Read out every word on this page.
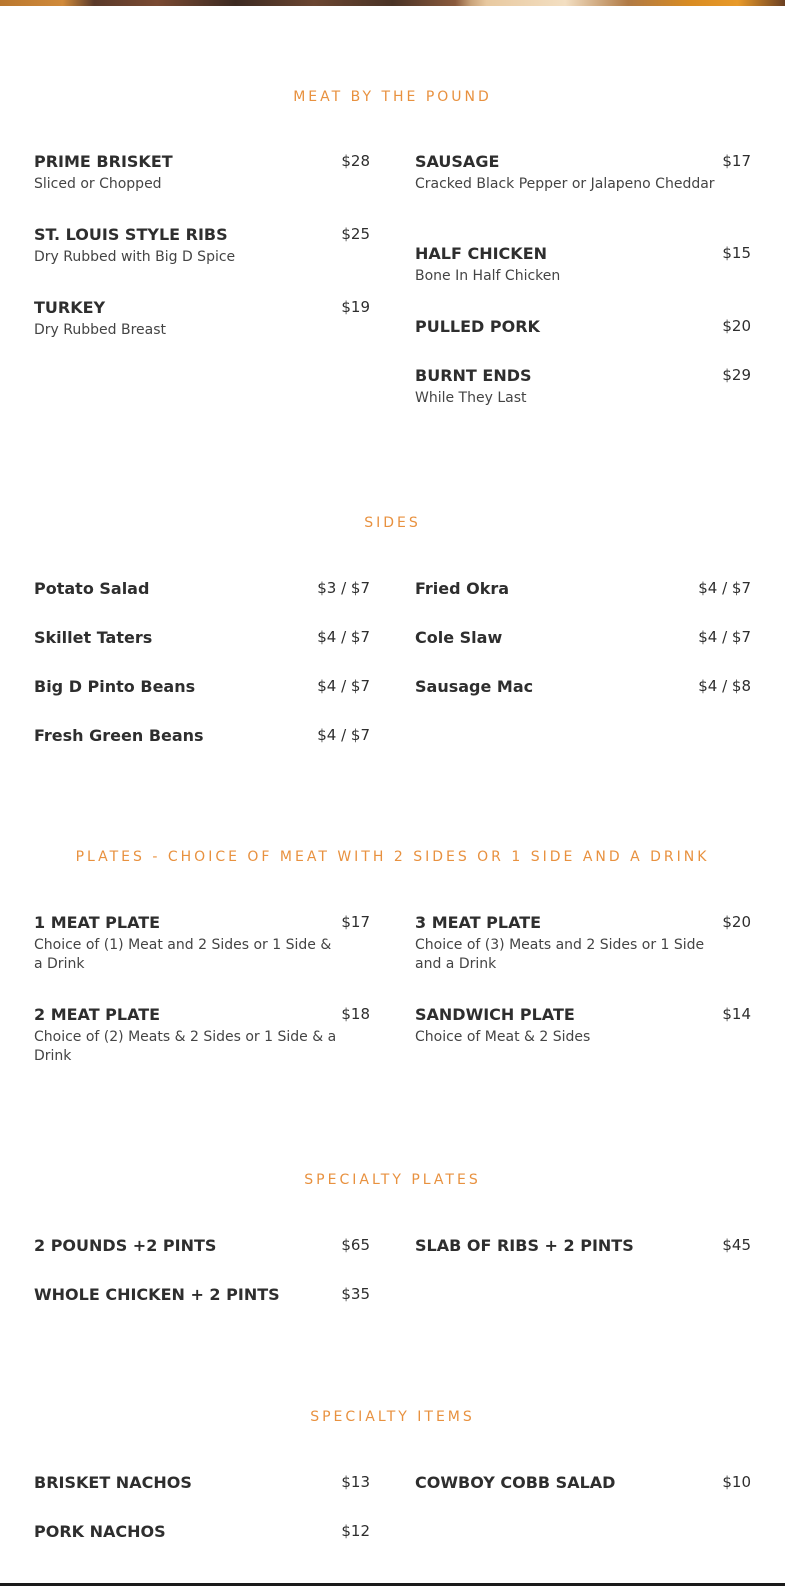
MEAT BY THE POUND
PRIME BRISKET	$28
Sliced or Chopped
ST. LOUIS STYLE RIBS	$25
Dry Rubbed with Big D Spice
TURKEY	$19
Dry Rubbed Breast
SAUSAGE	$17
Cracked Black Pepper or Jalapeno Cheddar
HALF CHICKEN	$15
Bone In Half Chicken
PULLED PORK	$20
BURNT ENDS	$29
While They Last
SIDES
Potato Salad	$3 / $7
Skillet Taters	$4 / $7
Big D Pinto Beans	$4 / $7
Fresh Green Beans	$4 / $7
Fried Okra	$4 / $7
Cole Slaw	$4 / $7
Sausage Mac	$4 / $8
PLATES - CHOICE OF MEAT WITH 2 SIDES OR 1 SIDE AND A DRINK
1 MEAT PLATE	$17
Choice of (1) Meat and 2 Sides or 1 Side & a Drink
2 MEAT PLATE	$18
Choice of (2) Meats & 2 Sides or 1 Side & a Drink
3 MEAT PLATE	$20
Choice of (3) Meats and 2 Sides or 1 Side and a Drink
SANDWICH PLATE	$14
Choice of Meat & 2 Sides
SPECIALTY PLATES
2 POUNDS +2 PINTS	$65
WHOLE CHICKEN + 2 PINTS	$35
SLAB OF RIBS + 2 PINTS	$45
SPECIALTY ITEMS
BRISKET NACHOS	$13
PORK NACHOS	$12
COWBOY COBB SALAD	$10
